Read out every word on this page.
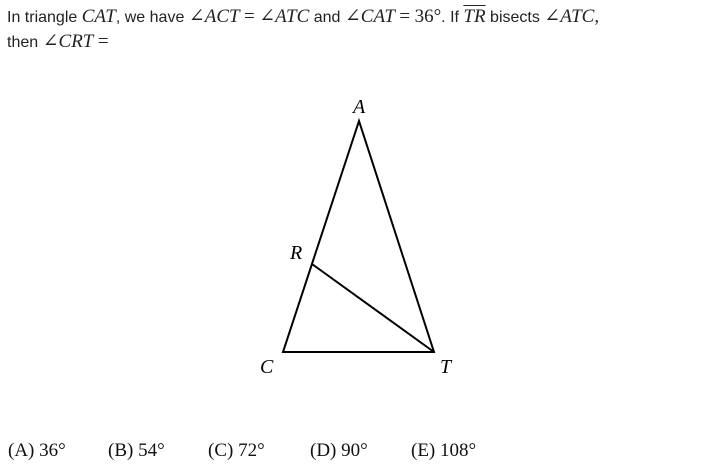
In triangle CAT, we have ∠ACT = ∠ATC and ∠CAT = 36°. If $\overline{TR}$ bisects ∠ATC,
then ∠CRT =
A
R
C	T
(A) 36° (B) 54° (C) 72° (D) 90° (E) 108°
